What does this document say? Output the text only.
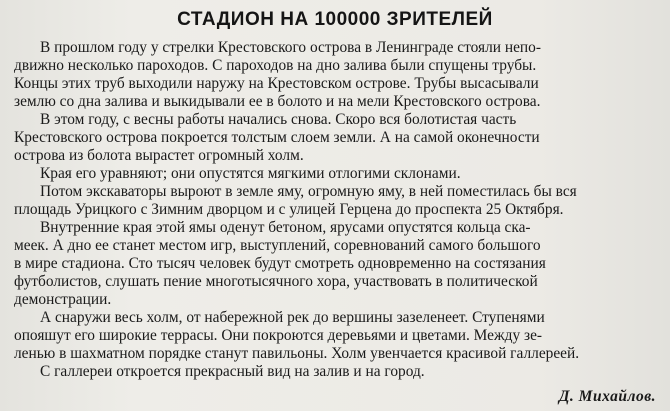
СТАДИОН НА 100000 ЗРИТЕЛЕЙ
В прошлом году у стрелки Крестовского острова в Ленинграде стояли непо-
движно несколько пароходов. С пароходов на дно залива были спущены трубы.
Концы этих труб выходили наружу на Крестовском острове. Трубы высасывали
землю со дна залива и выкидывали ее в болото и на мели Крестовского острова.
В этом году, с весны работы начались снова. Скоро вся болотистая часть
Крестовского острова покроется толстым слоем земли. А на самой оконечности
острова из болота вырастет огромный холм.
Края его уравняют; они опустятся мягкими отлогими склонами.
Потом экскаваторы выроют в земле яму, огромную яму, в ней поместилась бы вся
площадь Урицкого с Зимним дворцом и с улицей Герцена до проспекта 25 Октября.
Внутренние края этой ямы оденут бетоном, ярусами опустятся кольца ска-
меек. А дно ее станет местом игр, выступлений, соревнований самого большого
в мире стадиона. Сто тысяч человек будут смотреть одновременно на состязания
футболистов, слушать пение многотысячного хора, участвовать в политической
демонстрации.
А снаружи весь холм, от набережной рек до вершины зазеленеет. Ступенями
опояшут его широкие террасы. Они покроются деревьями и цветами. Между зе-
ленью в шахматном порядке станут павильоны. Холм увенчается красивой галлереей.
С галлереи откроется прекрасный вид на залив и на город.
Д. Михайлов.
